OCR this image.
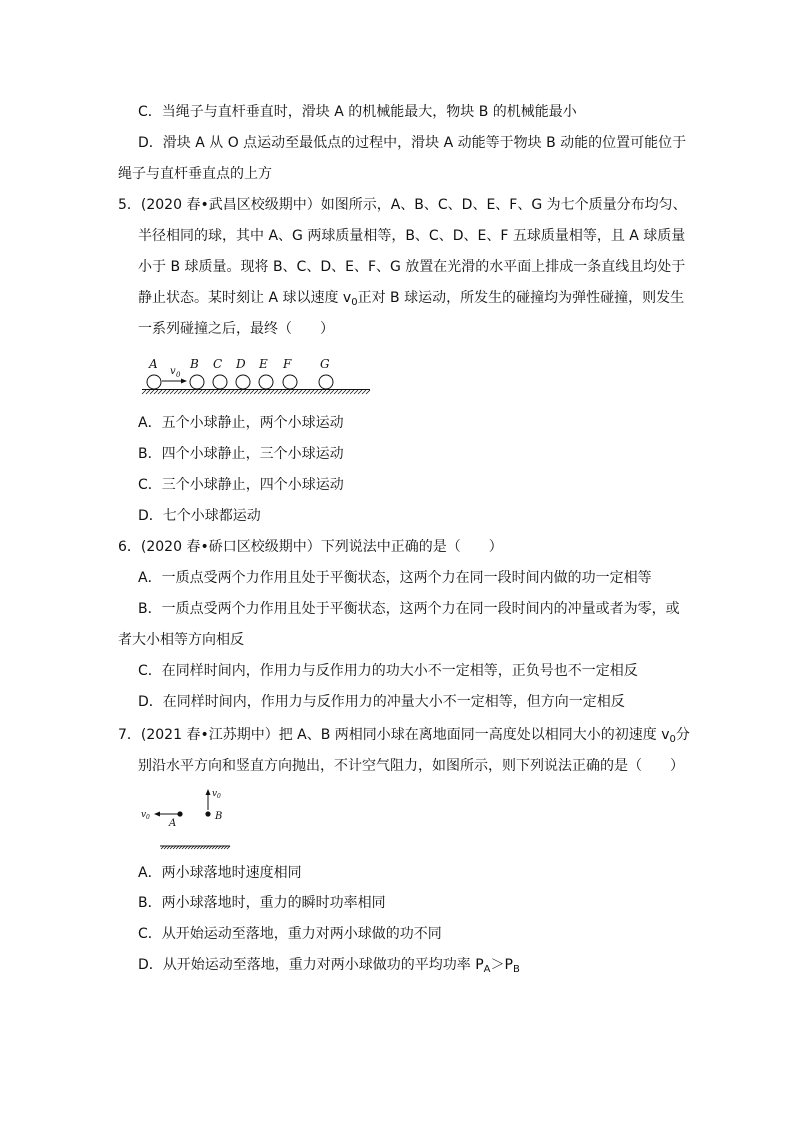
C．当绳子与直杆垂直时，滑块 A 的机械能最大，物块 B 的机械能最小
D．滑块 A 从 O 点运动至最低点的过程中，滑块 A 动能等于物块 B 动能的位置可能位于
绳子与直杆垂直点的上方
5．(2020 春•武昌区校级期中）如图所示，A、B、C、D、E、F、G 为七个质量分布均匀、
半径相同的球，其中 A、G 两球质量相等，B、C、D、E、F 五球质量相等，且 A 球质量
小于 B 球质量。现将 B、C、D、E、F、G 放置在光滑的水平面上排成一条直线且均处于
静止状态。某时刻让 A 球以速度 $v_0$正对 B 球运动，所发生的碰撞均为弹性碰撞，则发生
一系列碰撞之后，最终（　　）
A	B C D E F G
v 0
A．五个小球静止，两个小球运动
B．四个小球静止，三个小球运动
C．三个小球静止，四个小球运动
D．七个小球都运动
6．(2020 春•硚口区校级期中）下列说法中正确的是（　　）
A．一质点受两个力作用且处于平衡状态，这两个力在同一段时间内做的功一定相等
B．一质点受两个力作用且处于平衡状态，这两个力在同一段时间内的冲量或者为零，或
者大小相等方向相反
C．在同样时间内，作用力与反作用力的功大小不一定相等，正负号也不一定相反
D．在同样时间内，作用力与反作用力的冲量大小不一定相等，但方向一定相反
7．(2021 春•江苏期中）把 A、B 两相同小球在离地面同一高度处以相同大小的初速度 $v_0$分
别沿水平方向和竖直方向抛出，不计空气阻力，如图所示，则下列说法正确的是（　　）
v 0
v 0
A
B
A．两小球落地时速度相同
B．两小球落地时，重力的瞬时功率相同
C．从开始运动至落地，重力对两小球做的功不同
D．从开始运动至落地，重力对两小球做功的平均功率 $P_A>P_B$
